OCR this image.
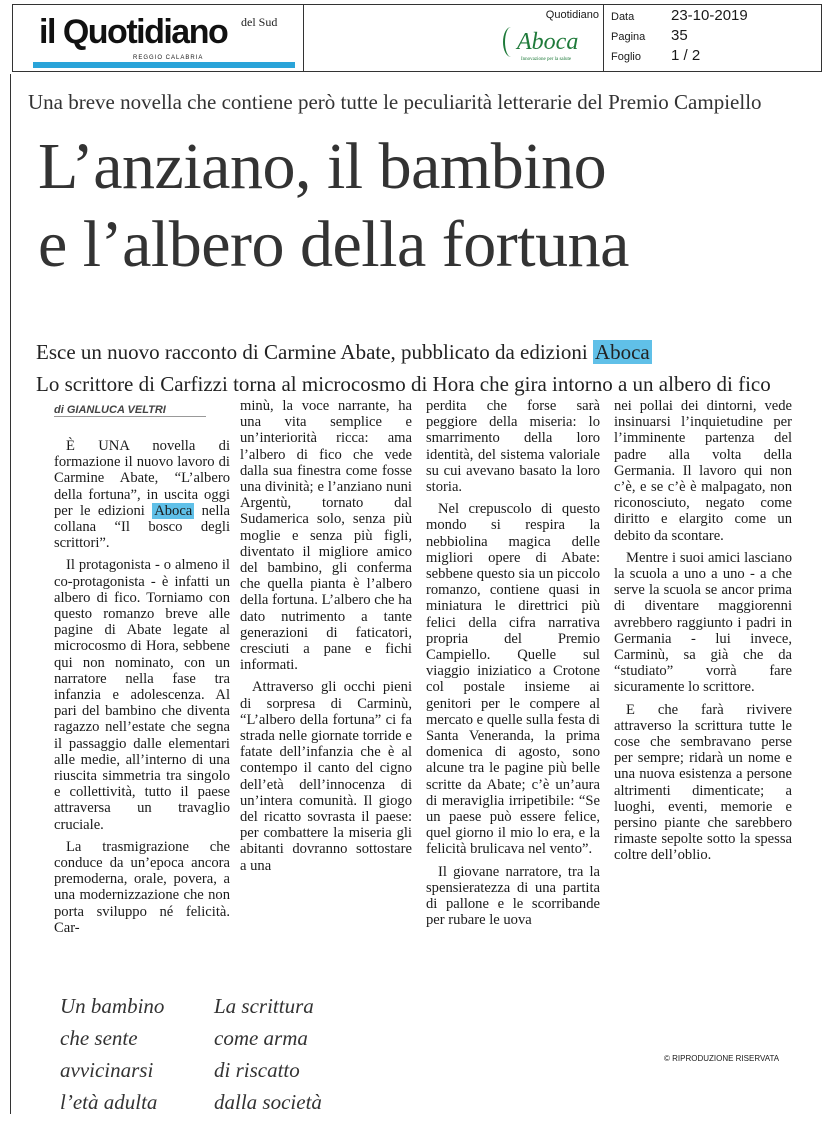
il Quotidiano del Sud
REGGIO CALABRIA
Quotidiano
Aboca
Innovazione per la salute
Data 23-10-2019
Pagina 35
Foglio 1 / 2
Una breve novella che contiene però tutte le peculiarità letterarie del Premio Campiello
L’anziano, il bambino
e l’albero della fortuna
Esce un nuovo racconto di Carmine Abate, pubblicato da edizioni Aboca
Lo scrittore di Carfizzi torna al microcosmo di Hora che gira intorno a un albero di fico
di GIANLUCA VELTRI

È UNA novella di formazione il nuovo lavoro di Carmine Abate, “L’albero della fortuna”, in uscita oggi per le edizioni Aboca nella collana “Il bosco degli scrittori”.

Il protagonista - o almeno il co-protagonista - è infatti un albero di fico. Torniamo con questo romanzo breve alle pagine di Abate legate al microcosmo di Hora, sebbene qui non nominato, con un narratore nella fase tra infanzia e adolescenza. Al pari del bambino che diventa ragazzo nell’estate che segna il passaggio dalle elementari alle medie, all’interno di una riuscita simmetria tra singolo e collettività, tutto il paese attraversa un travaglio cruciale.

La trasmigrazione che conduce da un’epoca ancora premoderna, orale, povera, a una modernizzazione che non porta sviluppo né felicità. Car-

minù, la voce narrante, ha una vita semplice e un’interiorità ricca: ama l’albero di fico che vede dalla sua finestra come fosse una divinità; e l’anziano nuni Argentù, tornato dal Sudamerica solo, senza più moglie e senza più figli, diventato il migliore amico del bambino, gli conferma che quella pianta è l’albero della fortuna. L’albero che ha dato nutrimento a tante generazioni di faticatori, cresciuti a pane e fichi informati.

Attraverso gli occhi pieni di sorpresa di Carminù, “L’albero della fortuna” ci fa strada nelle giornate torride e fatate dell’infanzia che è al contempo il canto del cigno dell’età dell’innocenza di un’intera comunità. Il giogo del ricatto sovrasta il paese: per combattere la miseria gli abitanti dovranno sottostare a una

perdita che forse sarà peggiore della miseria: lo smarrimento della loro identità, del sistema valoriale su cui avevano basato la loro storia.

Nel crepuscolo di questo mondo si respira la nebbiolina magica delle migliori opere di Abate: sebbene questo sia un piccolo romanzo, contiene quasi in miniatura le direttrici più felici della cifra narrativa propria del Premio Campiello. Quelle sul viaggio iniziatico a Crotone col postale insieme ai genitori per le compere al mercato e quelle sulla festa di Santa Veneranda, la prima domenica di agosto, sono alcune tra le pagine più belle scritte da Abate; c’è un’aura di meraviglia irripetibile: “Se un paese può essere felice, quel giorno il mio lo era, e la felicità brulicava nel vento”.

Il giovane narratore, tra la spensieratezza di una partita di pallone e le scorribande per rubare le uova

nei pollai dei dintorni, vede insinuarsi l’inquietudine per l’imminente partenza del padre alla volta della Germania. Il lavoro qui non c’è, e se c’è è malpagato, non riconosciuto, negato come diritto e elargito come un debito da scontare.

Mentre i suoi amici lasciano la scuola a uno a uno - a che serve la scuola se ancor prima di diventare maggiorenni avrebbero raggiunto i padri in Germania - lui invece, Carminù, sa già che da “studiato” vorrà fare sicuramente lo scrittore.

E che farà rivivere attraverso la scrittura tutte le cose che sembravano perse per sempre; ridarà un nome e una nuova esistenza a persone altrimenti dimenticate; a luoghi, eventi, memorie e persino piante che sarebbero rimaste sepolte sotto la spessa coltre dell’oblio.

© RIPRODUZIONE RISERVATA
Un bambino
che sente
avvicinarsi
l’età adulta
La scrittura
come arma
di riscatto
dalla società
